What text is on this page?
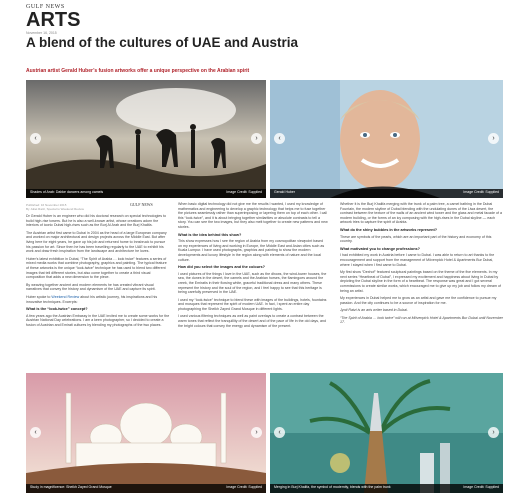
GULF NEWS
ARTS
November 16, 2015
A blend of the cultures of UAE and Austria
Austrian artist Gerald Huber’s fusion artworks offer a unique perspective on the Arabian spirit
‹	›
Shades of Arab: Dabke dancers among camels	Image Credit: Supplied
‹	›
Gerald Huber	Image Credit: Supplied
Published: 16 November 2015
By Juliet Ratzi, Special to Weekend Review
GULF NEWS

Dr Gerald Huber is an engineer who did his doctoral research on special technologies to build high-rise towers. But he is also a well-known artist, whose creations adorn the interiors of iconic Dubai high-rises such as the Burj Al Arab and the Burj Khalifa.

The Austrian artist first came to Dubai in 2004 as the head of a large European company and worked on major architectural and design projects across the Middle East. But after living here for eight years, he gave up his job and returned home to Innsbruck to pursue his passion for art. Since then he has been travelling regularly to the UAE to exhibit his work and draw fresh inspiration from the landscape and architecture he loves.

Huber’s latest exhibition in Dubai, “The Spirit of Arabia … look twice” features a series of mixed media works that combine photography, graphics and painting. The typical feature of these artworks is the unique “look-twice” technique he has used to blend two different images that tell different stories, but also come together to create a third visual composition that adds a new dimension to the piece.

By weaving together ancient and modern elements he has created vibrant visual narratives that convey the history and dynamism of the UAE and capture its spirit.

Huber spoke to Weekend Review about his artistic journey, his inspirations and his innovative techniques. Excerpts:

What is the “look-twice” concept?

A few years ago the Austrian Embassy in the UAE invited me to create some works for the Austrian National Day celebrations. I am a keen photographer, so I decided to create a fusion of Austrian and Emirati cultures by blending my photographs of the two places.

When basic digital technology did not give me the results I wanted, I used my knowledge of mathematics and engineering to develop a graphic technology that helps me to fuse together the pictures seamlessly rather than superimposing or layering them on top of each other. I call this “look-twice”, and it is about bringing together similarities or absolute contrasts to tell a story. You can see the two images, but they also melt together to create new patterns and new stories.

What is the idea behind this show?

This show expresses how I see the region of Arabia from my cosmopolitan viewpoint based on my experiences of living and working in Europe, the Middle East and Asian cities such as Kuala Lumpur. I have used photographs, graphics and painting to show the modern developments and luxury lifestyle in the region along with elements of nature and the local culture.

How did you select the images and the colours?

I used pictures of the things I love in the UAE, such as the dhows, the wind-tower houses, the sea, the dunes in the desert, the camels and the Arabian horses, the flamingoes around the creek, the Emiratis in their flowing white, graceful traditional dress and many others. These represent the history and the soul of the region, and I feel happy to see that this heritage is being carefully preserved in the UAE.

I used my “look-twice” technique to blend these with images of the buildings, hotels, fountains and mosques that represent the spirit of modern UAE. In fact, I spent an entire day photographing the Sheikh Zayed Grand Mosque in different lights.

I used various filtering techniques as well as paint overlays to create a contrast between the warm tones that reflect the tranquillity of the desert and of the pace of life in the old days, and the bright colours that convey the energy and dynamism of the present.

Whether it is the Burj Khalifa merging with the trunk of a palm tree, a camel bathing in the Dubai Fountain, the modern skyline of Dubai blending with the undulating dunes of the Liwa desert, the contrast between the texture of the walls of an ancient wind tower and the glass and metal facade of a modern building, or the forms of an icy composing with the high-rises in the Dubai skyline — each artwork tries to capture the spirit of Arabia.

What do the shiny bubbles in the artworks represent?

These are symbols of the pearls, which are an important part of the history and economy of this country.

What motivated you to change professions?

I had exhibited my work in Austria before I came to Dubai. I was able to return to art thanks to the encouragement and support from the management of Mövenpick Hotel & Apartments Bur Dubai, where I stayed when I first came to Dubai.

My first show “Dexhof” featured sculptural paintings based on the theme of the five elements. In my next series “Heartbeat of Dubai”, I expressed my excitement and happiness about living in Dubai by depicting the Dubai skyline in the form of a heartbeat. The response was great and I got several commissions to create similar works, which encouraged me to give up my job and follow my dream of being an artist.

My experiences in Dubai helped me to grow as an artist and gave me the confidence to pursue my passion. And the city continues to be a source of inspiration for me.

Jyoti Ratzi is an arts writer based in Dubai.

“The Spirit of Arabia … look twice” will run at Mövenpick Hotel & Apartments Bur Dubai until November 17.

‹	›
Study in magnificence: Sheikh Zayed Grand Mosque	Image Credit: Supplied
‹	›
Merging in Burj Khalifa, the symbol of modernity, blends with the palm trunk	Image Credit: Supplied
